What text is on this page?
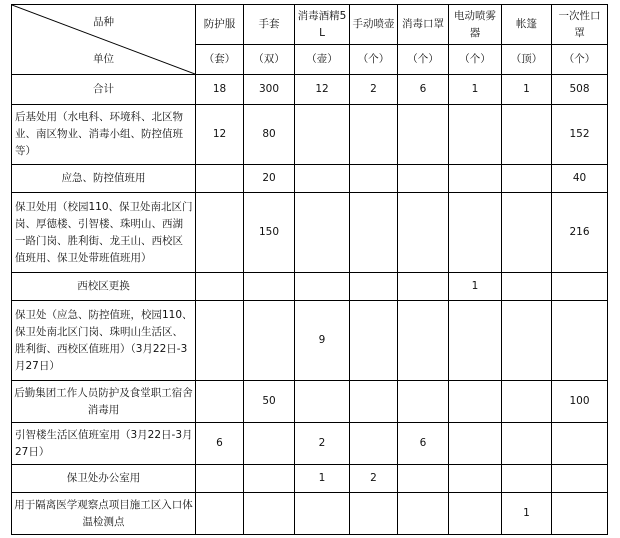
品种
单位	防护服	手套	消毒酒精5L	手动喷壶	消毒口罩	电动喷雾器	帐篷	一次性口罩
	（套）	（双）	（壶）	（个）	（个）	（个）	（顶）	（个）
合计	18	300	12	2	6	1	1	508
后基处用（水电科、环境科、北区物业、南区物业、消毒小组、防控值班等）	12	80						152
应急、防控值班用		20						40
保卫处用（校园110、保卫处南北区门岗、厚德楼、引智楼、珠明山、西湖一路门岗、胜利街、龙王山、西校区值班用、保卫处带班值班用）		150						216
西校区更换						1		
保卫处（应急、防控值班，校园110、保卫处南北区门岗、珠明山生活区、胜利街、西校区值班用）（3月22日-3月27日）			9					
后勤集团工作人员防护及食堂职工宿舍消毒用		50						100
引智楼生活区值班室用（3月22日-3月27日）	6		2		6			
保卫处办公室用			1	2				
用于隔离医学观察点项目施工区入口体温检测点							1	
